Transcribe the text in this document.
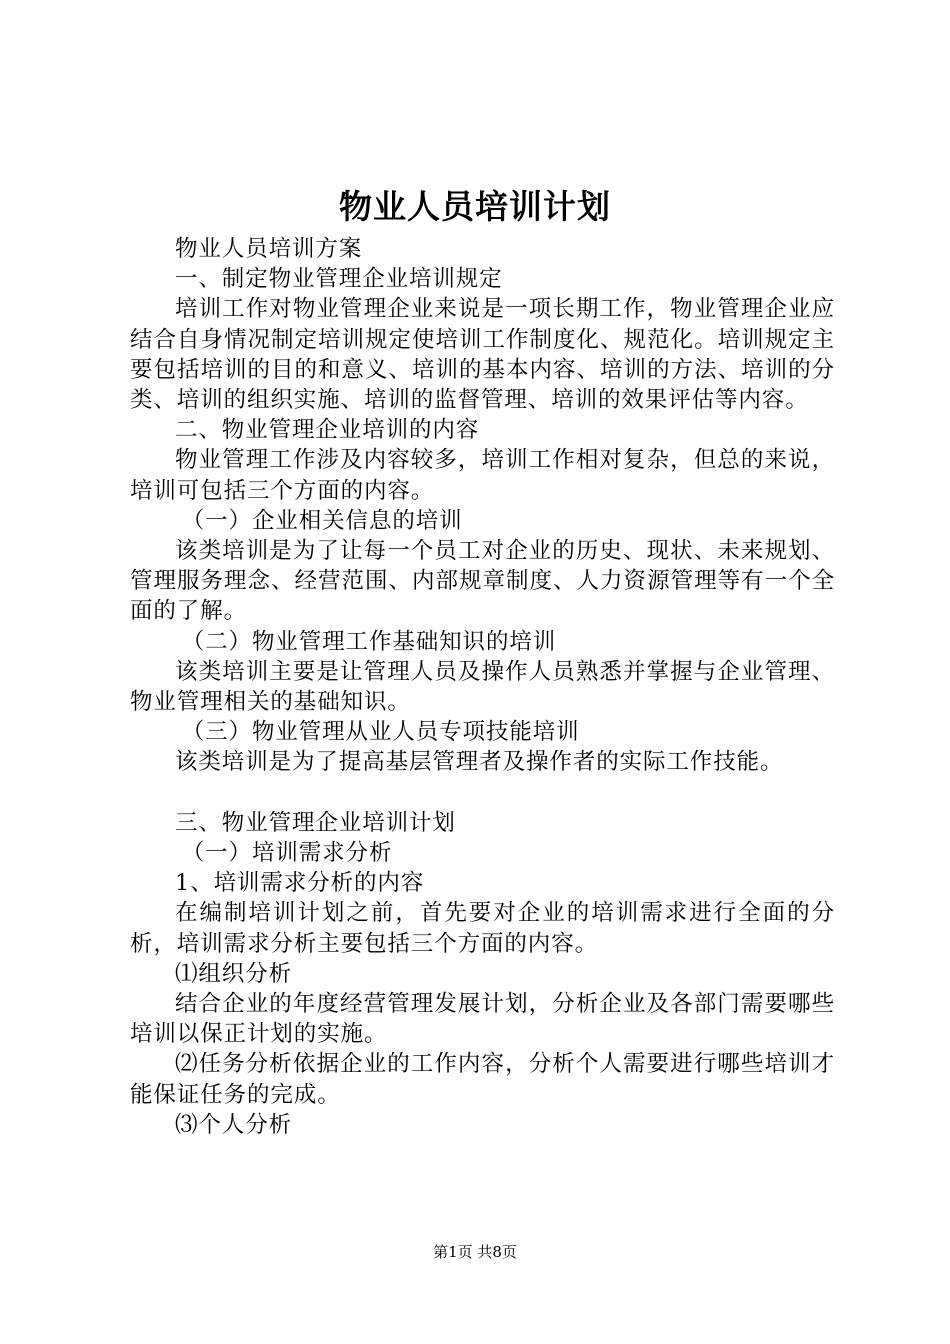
物业人员培训计划

物业人员培训方案

一、制定物业管理企业培训规定

培训工作对物业管理企业来说是一项长期工作，物业管理企业应结合自身情况制定培训规定使培训工作制度化、规范化。培训规定主要包括培训的目的和意义、培训的基本内容、培训的方法、培训的分类、培训的组织实施、培训的监督管理、培训的效果评估等内容。

二、物业管理企业培训的内容

物业管理工作涉及内容较多，培训工作相对复杂，但总的来说，培训可包括三个方面的内容。

（一）企业相关信息的培训

该类培训是为了让每一个员工对企业的历史、现状、未来规划、管理服务理念、经营范围、内部规章制度、人力资源管理等有一个全面的了解。

（二）物业管理工作基础知识的培训

该类培训主要是让管理人员及操作人员熟悉并掌握与企业管理、物业管理相关的基础知识。

（三）物业管理从业人员专项技能培训

该类培训是为了提高基层管理者及操作者的实际工作技能。

三、物业管理企业培训计划

（一）培训需求分析

1、培训需求分析的内容

在编制培训计划之前，首先要对企业的培训需求进行全面的分析，培训需求分析主要包括三个方面的内容。

⑴组织分析

结合企业的年度经营管理发展计划，分析企业及各部门需要哪些培训以保正计划的实施。

⑵任务分析依据企业的工作内容，分析个人需要进行哪些培训才能保证任务的完成。

⑶个人分析

第1页 共8页
